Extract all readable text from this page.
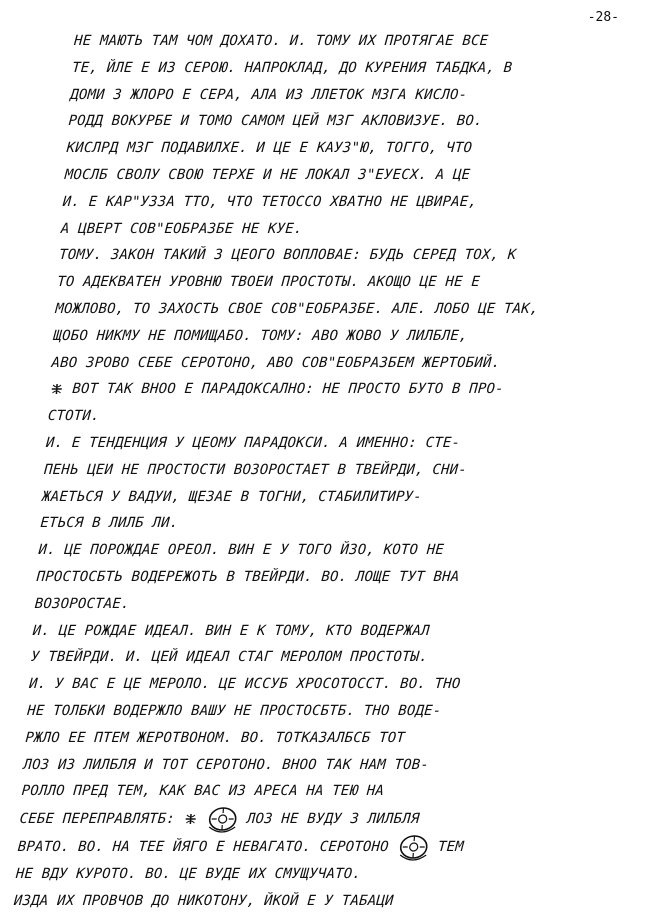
-28-
НЕ МАЮТЬ ТАМ ЧОМ ДОХАТО. И. ТОМУ ИХ ПРОТЯГАЕ ВСЕ
ТЕ, ЙЛЕ Е ИЗ СЕРОЮ. НАПРОКЛАД, ДО КУРЕНИЯ ТАБДКА, В
ДОМИ З ЖЛОРО Е СЕРА, АЛА ИЗ ЛЛЕТОК МЗГА КИСЛО-
РОДД ВОКУРБЕ И ТОМО САМОМ ЦЕЙ МЗГ АКЛОВИЗУЕ. ВО.
КИСЛРД МЗГ ПОДАВИЛХЕ. И ЦЕ Е КАУЗ"Ю, ТОГГО, ЧТО
МОСЛБ СВОЛУ СВОЮ ТЕРХЕ И НЕ ЛОКАЛ З"ЕУЕСХ. А ЦЕ
И. Е КАР"УЗЗА ТТО, ЧТО ТЕТОССО ХВАТНО НЕ ЦВИРАЕ,
А ЦВЕРТ СОВ"ЕОБРАЗБЕ НЕ КУЕ.
ТОМУ. ЗАКОН ТАКИЙ З ЦЕОГО ВОПЛОВАЕ: БУДЬ СЕРЕД ТОХ, К
ТО АДЕКВАТЕН УРОВНЮ ТВОЕИ ПРОСТОТЫ. АКОЩО ЦЕ НЕ Е
МОЖЛОВО, ТО ЗАХОСТЬ СВОЕ СОВ"ЕОБРАЗБЕ. АЛЕ. ЛОБО ЦЕ ТАК,
ЩОБО НИКМУ НЕ ПОМИЩАБО. ТОМУ: АВО ЖОВО У ЛИЛБЛЕ,
АВО ЗРОВО СЕБЕ СЕРОТОНО, АВО СОВ"ЕОБРАЗБЕМ ЖЕРТОБИЙ.
ВОТ ТАК ВНОО Е ПАРАДОКСАЛНО: НЕ ПРОСТО БУТО В ПРО-
СТОТИ.
И. Е ТЕНДЕНЦИЯ У ЦЕОМУ ПАРАДОКСИ. А ИМЕННО: СТЕ-
ПЕНЬ ЦЕИ НЕ ПРОСТОСТИ ВОЗОРОСТАЕТ В ТВЕЙРДИ, СНИ-
ЖАЕТЬСЯ У ВАДУИ, ЩЕЗАЕ В ТОГНИ, СТАБИЛИТИРУ-
ЕТЬСЯ В ЛИЛБ ЛИ.
И. ЦЕ ПОРОЖДАЕ ОРЕОЛ. ВИН Е У ТОГО ЙЗО, КОТО НЕ
ПРОСТОСБТЬ ВОДЕРЕЖОТЬ В ТВЕЙРДИ. ВО. ЛОЩЕ ТУТ ВНА
ВОЗОРОСТАЕ.
И. ЦЕ РОЖДАЕ ИДЕАЛ. ВИН Е К ТОМУ, КТО ВОДЕРЖАЛ
У ТВЕЙРДИ. И. ЦЕЙ ИДЕАЛ СТАГ МЕРОЛОМ ПРОСТОТЫ.
И. У ВАС Е ЦЕ МЕРОЛО. ЦЕ ИССУБ ХРОСОТОССТ. ВО. ТНО
НЕ ТОЛБКИ ВОДЕРЖЛО ВАШУ НЕ ПРОСТОСБТБ. ТНО ВОДЕ-
РЖЛО ЕЕ ПТЕМ ЖЕРОТВОНОМ. ВО. ТОТКАЗАЛБСБ ТОТ
ЛОЗ ИЗ ЛИЛБЛЯ И ТОТ СЕРОТОНО. ВНОО ТАК НАМ ТОВ-
РОЛЛО ПРЕД ТЕМ, КАК ВАС ИЗ АРЕСА НА ТЕЮ НА
СЕБЕ ПЕРЕПРАВЛЯТБ:	ЛОЗ НЕ ВУДУ З ЛИЛБЛЯ
ВРАТО. ВО. НА ТЕЕ ЙЯГО Е НЕВАГАТО. СЕРОТОНО	ТЕМ
НЕ ВДУ КУРОТО. ВО. ЦЕ ВУДЕ ИХ СМУЩУЧАТО.
ИЗДА ИХ ПРОВЧОВ ДО НИКОТОНУ, ЙКОЙ Е У ТАБАЦИ
